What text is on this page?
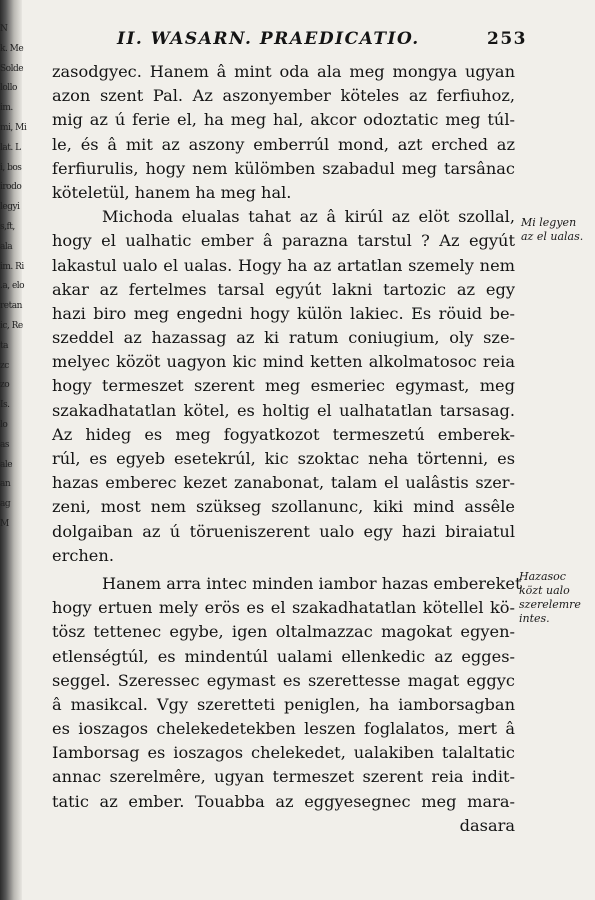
N
k. Me
Solde
lollo
im.
mi, Mi
lat. L
i, bos
irodo
legyi
s,ft,
ala
im. Ri
.a, elo
retan
ic, Re
ta
zc
zo
Is.
lo
as
ale
an
ag
M
II. WASARN. PRAEDICATIO.	253
zasodgyec. Hanem â mint oda ala meg mongya ugyan
azon szent Pal. Az aszonyember köteles az ferfiuhoz,
mig az ú ferie el, ha meg hal, akcor odoztatic meg túl-
le, és â mit az aszony emberrúl mond, azt erched az
ferfiurulis, hogy nem külömben szabadul meg tarsânac
köteletül, hanem ha meg hal.
Michoda elualas tahat az â kirúl az elöt szollal,
hogy el ualhatic ember â parazna tarstul ? Az egyút
lakastul ualo el ualas. Hogy ha az artatlan szemely nem
akar az fertelmes tarsal egyút lakni tartozic az egy
hazi biro meg engedni hogy külön lakiec. Es röuid be-
szeddel az hazassag az ki ratum coniugium, oly sze-
melyec közöt uagyon kic mind ketten alkolmatosoc reia
hogy termeszet szerent meg esmeriec egymast, meg
szakadhatatlan kötel, es holtig el ualhatatlan tarsasag.
Az hideg es meg fogyatkozot termeszetú emberek-
rúl, es egyeb esetekrúl, kic szoktac neha törtenni, es
hazas emberec kezet zanabonat, talam el ualâstis szer-
zeni, most nem szükseg szollanunc, kiki mind assêle
dolgaiban az ú törueniszerent ualo egy hazi biraiatul
erchen.
Hanem arra intec minden iambor hazas embereket
hogy ertuen mely erös es el szakadhatatlan kötellel kö-
tösz tettenec egybe, igen oltalmazzac magokat egyen-
etlenségtúl, es mindentúl ualami ellenkedic az egges-
seggel. Szeressec egymast es szerettesse magat eggyc
â masikcal. Vgy szeretteti peniglen, ha iamborsagban
es ioszagos chelekedetekben leszen foglalatos, mert â
Iamborsag es ioszagos chelekedet, ualakiben talaltatic
annac szerelmêre, ugyan termeszet szerent reia indit-
tatic az ember. Touabba az eggyesegnec meg mara-
dasara
Mi legyen
az el ualas.
Hazasoc
közt ualo
szerelemre
intes.
